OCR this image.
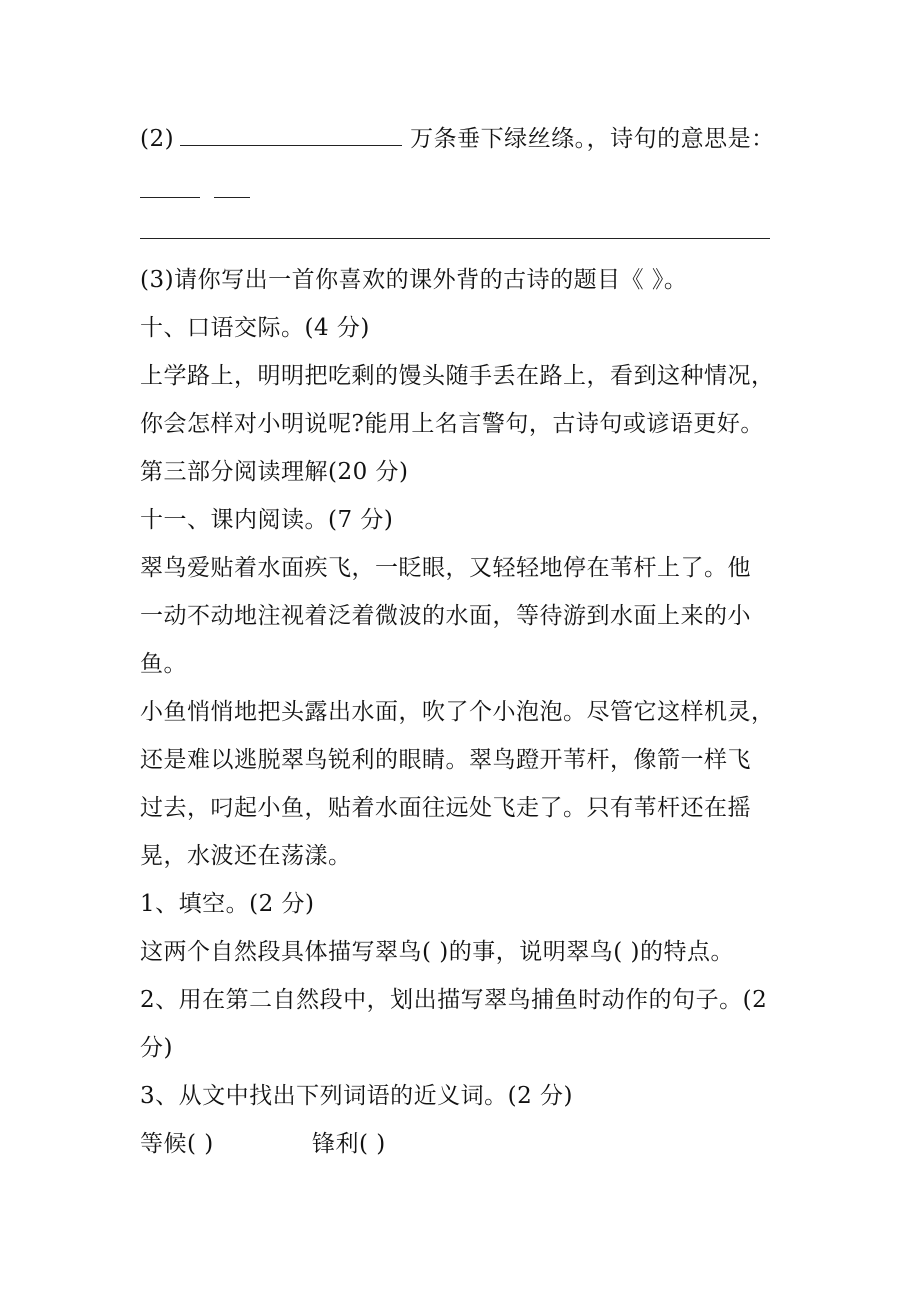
(2)	万条垂下绿丝绦。，诗句的意思是：
(3)请你写出一首你喜欢的课外背的古诗的题目《 》。
十、口语交际。(4 分)
上学路上，明明把吃剩的馒头随手丢在路上，看到这种情况，
你会怎样对小明说呢?能用上名言警句，古诗句或谚语更好。
第三部分阅读理解(20 分)
十一、课内阅读。(7 分)
翠鸟爱贴着水面疾飞，一眨眼，又轻轻地停在苇杆上了。他
一动不动地注视着泛着微波的水面，等待游到水面上来的小
鱼。
小鱼悄悄地把头露出水面，吹了个小泡泡。尽管它这样机灵，
还是难以逃脱翠鸟锐利的眼睛。翠鸟蹬开苇杆，像箭一样飞
过去，叼起小鱼，贴着水面往远处飞走了。只有苇杆还在摇
晃，水波还在荡漾。
1、填空。(2 分)
这两个自然段具体描写翠鸟( )的事，说明翠鸟( )的特点。
2、用在第二自然段中，划出描写翠鸟捕鱼时动作的句子。(2
分)
3、从文中找出下列词语的近义词。(2 分)
等候( )	锋利( )
